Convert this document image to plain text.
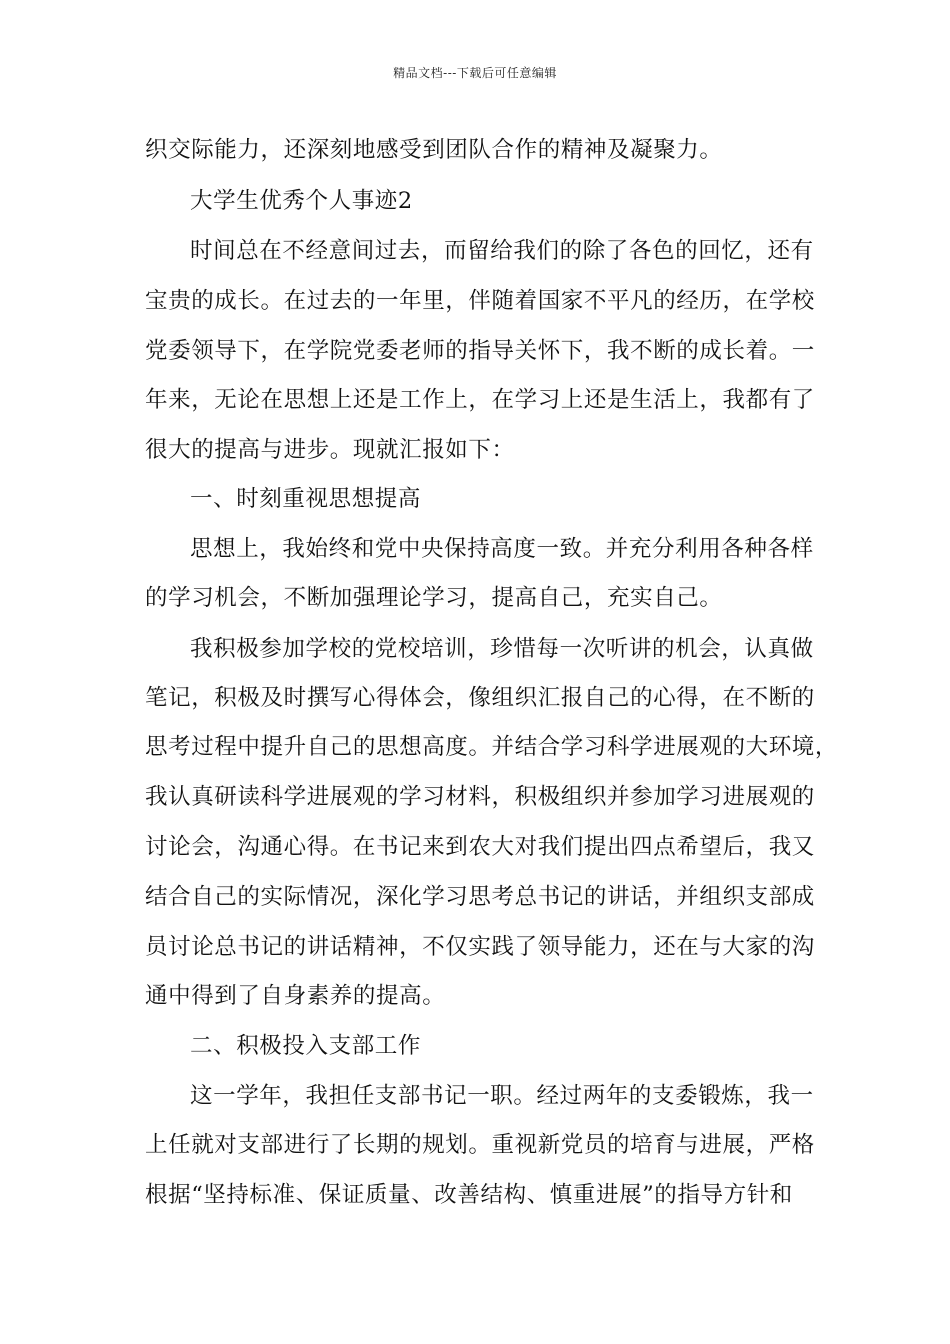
精品文档---下载后可任意编辑
织交际能力，还深刻地感受到团队合作的精神及凝聚力。
大学生优秀个人事迹2
时间总在不经意间过去，而留给我们的除了各色的回忆，还有
宝贵的成长。在过去的一年里，伴随着国家不平凡的经历，在学校
党委领导下，在学院党委老师的指导关怀下，我不断的成长着。一
年来，无论在思想上还是工作上，在学习上还是生活上，我都有了
很大的提高与进步。现就汇报如下：
一、时刻重视思想提高
思想上，我始终和党中央保持高度一致。并充分利用各种各样
的学习机会，不断加强理论学习，提高自己，充实自己。
我积极参加学校的党校培训，珍惜每一次听讲的机会，认真做
笔记，积极及时撰写心得体会，像组织汇报自己的心得，在不断的
思考过程中提升自己的思想高度。并结合学习科学进展观的大环境，
我认真研读科学进展观的学习材料，积极组织并参加学习进展观的
讨论会，沟通心得。在书记来到农大对我们提出四点希望后，我又
结合自己的实际情况，深化学习思考总书记的讲话，并组织支部成
员讨论总书记的讲话精神，不仅实践了领导能力，还在与大家的沟
通中得到了自身素养的提高。
二、积极投入支部工作
这一学年，我担任支部书记一职。经过两年的支委锻炼，我一
上任就对支部进行了长期的规划。重视新党员的培育与进展，严格
根据“坚持标准、保证质量、改善结构、慎重进展”的指导方针和
